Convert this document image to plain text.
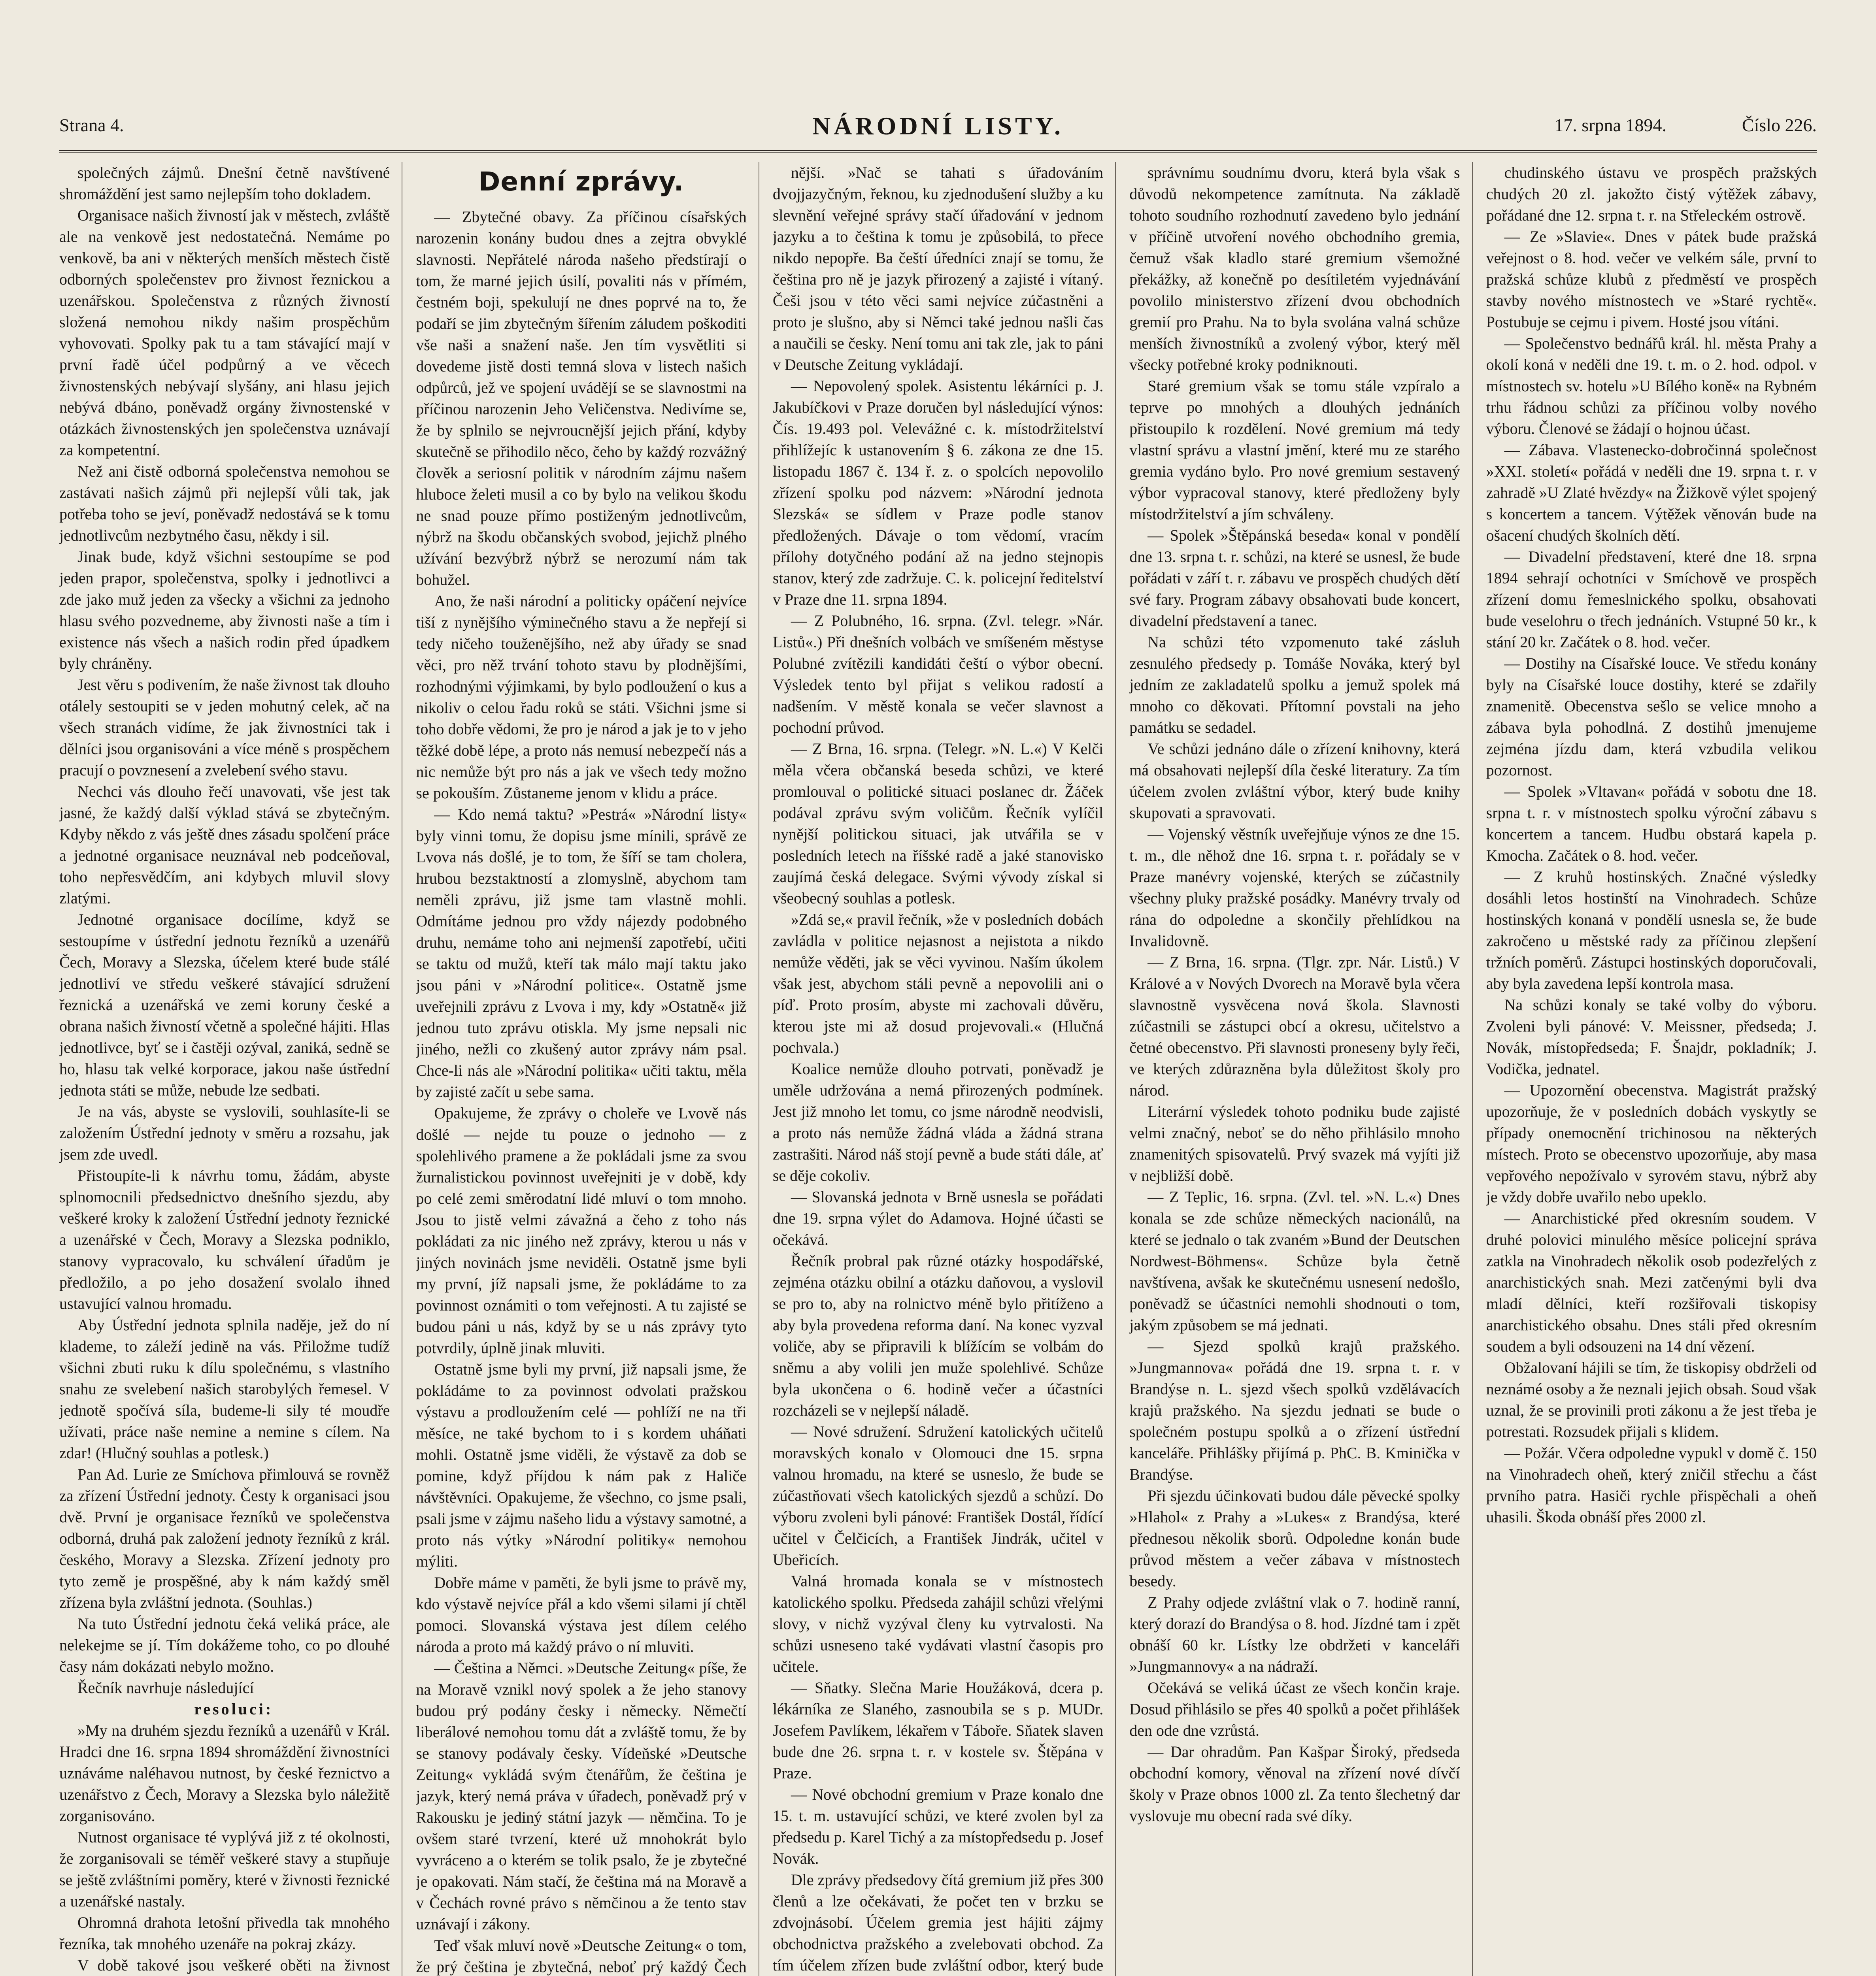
Strana 4.	NÁRODNÍ LISTY.	17. srpna 1894.	Číslo 226.

společných zájmů. Dnešní četně navštívené shromáždění jest samo nejlepším toho dokladem.

Organisace našich živností jak v městech, zvláště ale na venkově jest nedostatečná. Nemáme po venkově, ba ani v některých menších městech čistě odborných společenstev pro živnost řeznickou a uzenářskou. Společenstva z různých živností složená nemohou nikdy našim prospěchům vyhovovati. Spolky pak tu a tam stávající mají v první řadě účel podpůrný a ve věcech živnostenských nebývají slyšány, ani hlasu jejich nebývá dbáno, poněvadž orgány živnostenské v otázkách živnostenských jen společenstva uznávají za kompetentní.

Než ani čistě odborná společenstva nemohou se zastávati našich zájmů při nejlepší vůli tak, jak potřeba toho se jeví, poněvadž nedostává se k tomu jednotlivcům nezbytného času, někdy i sil.

Jinak bude, když všichni sestoupíme se pod jeden prapor, společenstva, spolky i jednotlivci a zde jako muž jeden za všecky a všichni za jednoho hlasu svého pozvedneme, aby živnosti naše a tím i existence nás všech a našich rodin před úpadkem byly chráněny.

Jest věru s podivením, že naše živnost tak dlouho otálely sestoupiti se v jeden mohutný celek, ač na všech stranách vidíme, že jak živnostníci tak i dělníci jsou organisováni a více méně s prospěchem pracují o povznesení a zvelebení svého stavu.

Nechci vás dlouho řečí unavovati, vše jest tak jasné, že každý další výklad stává se zbytečným. Kdyby někdo z vás ještě dnes zásadu spolčení práce a jednotné organisace neuznával neb podceňoval, toho nepřesvědčím, ani kdybych mluvil slovy zlatými.

Jednotné organisace docílíme, když se sestoupíme v ústřední jednotu řezníků a uzenářů Čech, Moravy a Slezska, účelem které bude stálé jednotliví ve středu veškeré stávající sdružení řeznická a uzenářská ve zemi koruny české a obrana našich živností včetně a společné hájiti. Hlas jednotlivce, byť se i častěji ozýval, zaniká, sedně se ho, hlasu tak velké korporace, jakou naše ústřední jednota státi se může, nebude lze sedbati.

Je na vás, abyste se vyslovili, souhlasíte-li se založením Ústřední jednoty v směru a rozsahu, jak jsem zde uvedl.

Přistoupíte-li k návrhu tomu, žádám, abyste splnomocnili předsednictvo dnešního sjezdu, aby veškeré kroky k založení Ústřední jednoty řeznické a uzenářské v Čech, Moravy a Slezska podniklo, stanovy vypracovalo, ku schválení úřadům je předložilo, a po jeho dosažení svolalo ihned ustavující valnou hromadu.

Aby Ústřední jednota splnila naděje, jež do ní klademe, to záleží jedině na vás. Přiložme tudíž všichni zbuti ruku k dílu společnému, s vlastního snahu ze svelebení našich starobylých řemesel. V jednotě spočívá síla, budeme-li sily té moudře užívati, práce naše nemine a nemine s cílem. Na zdar! (Hlučný souhlas a potlesk.)

Pan Ad. Lurie ze Smíchova přimlouvá se rovněž za zřízení Ústřední jednoty. Česty k organisaci jsou dvě. První je organisace řezníků ve společenstva odborná, druhá pak založení jednoty řezníků z král. českého, Moravy a Slezska. Zřízení jednoty pro tyto země je prospěšné, aby k nám každý směl zřízena byla zvláštní jednota. (Souhlas.)

Na tuto Ústřední jednotu čeká veliká práce, ale nelekejme se jí. Tím dokážeme toho, co po dlouhé časy nám dokázati nebylo možno.

Řečník navrhuje následující

resoluci:

»My na druhém sjezdu řezníků a uzenářů v Král. Hradci dne 16. srpna 1894 shromáždění živnostníci uznáváme naléhavou nutnost, by české řeznictvo a uzenářstvo z Čech, Moravy a Slezska bylo náležitě zorganisováno.

Nutnost organisace té vyplývá již z té okolnosti, že zorganisovali se téměř veškeré stavy a stupňuje se ještě zvláštními poměry, které v živnosti řeznické a uzenářské nastaly.

Ohromná drahota letošní přivedla tak mnohého řezníka, tak mnohého uzenáře na pokraj zkázy.

V době takové jsou veškeré oběti na živnost

Denní zprávy.

— Zbytečné obavy. Za příčinou císařských narozenin konány budou dnes a zejtra obvyklé slavnosti. Nepřátelé národa našeho předstírají o tom, že marné jejich úsilí, povaliti nás v přímém, čestném boji, spekulují ne dnes poprvé na to, že podaří se jim zbytečným šířením záludem poškoditi vše naši a snažení naše. Jen tím vysvětliti si dovedeme jistě dosti temná slova v listech našich odpůrců, jež ve spojení uvádějí se se slavnostmi na příčinou narozenin Jeho Veličenstva. Nedivíme se, že by splnilo se nejvroucnější jejich přání, kdyby skutečně se přihodilo něco, čeho by každý rozvážný člověk a seriosní politik v národním zájmu našem hluboce želeti musil a co by bylo na velikou škodu ne snad pouze přímo postiženým jednotlivcům, nýbrž na škodu občanských svobod, jejichž plného užívání bezvýbrž nýbrž se nerozumí nám tak bohužel.

Ano, že naši národní a politicky opáčení nejvíce tiší z nynějšího výminečného stavu a že nepřejí si tedy ničeho touženějšího, než aby úřady se snad věci, pro něž trvání tohoto stavu by plodnějšími, rozhodnými výjimkami, by bylo podloužení o kus a nikoliv o celou řadu roků se státi. Všichni jsme si toho dobře vědomi, že pro je národ a jak je to v jeho těžké době lépe, a proto nás nemusí nebezpečí nás a nic nemůže být pro nás a jak ve všech tedy možno se pokouším. Zůstaneme jenom v klidu a práce.

— Kdo nemá taktu? »Pestrá« »Národní listy« byly vinni tomu, že dopisu jsme mínili, správě ze Lvova nás došlé, je to tom, že šíří se tam cholera, hrubou bezstaktností a zlomyslně, abychom tam neměli zprávu, již jsme tam vlastně mohli. Odmítáme jednou pro vždy nájezdy podobného druhu, nemáme toho ani nejmenší zapotřebí, učiti se taktu od mužů, kteří tak málo mají taktu jako jsou páni v »Národní politice«. Ostatně jsme uveřejnili zprávu z Lvova i my, kdy »Ostatně« již jednou tuto zprávu otiskla. My jsme nepsali nic jiného, nežli co zkušený autor zprávy nám psal. Chce-li nás ale »Národní politika« učiti taktu, měla by zajisté začít u sebe sama.

Opakujeme, že zprávy o choleře ve Lvově nás došlé — nejde tu pouze o jednoho — z spolehlivého pramene a že pokládali jsme za svou žurnalistickou povinnost uveřejniti je v době, kdy po celé zemi směrodatní lidé mluví o tom mnoho. Jsou to jistě velmi závažná a čeho z toho nás pokládati za nic jiného než zprávy, kterou u nás v jiných novinách jsme neviděli. Ostatně jsme byli my první, jíž napsali jsme, že pokládáme to za povinnost oznámiti o tom veřejnosti. A tu zajisté se budou páni u nás, když by se u nás zprávy tyto potvrdily, úplně jinak mluviti.

Ostatně jsme byli my první, již napsali jsme, že pokládáme to za povinnost odvolati pražskou výstavu a prodloužením celé — pohlíží ne na tři měsíce, ne také bychom to i s kordem uháňati mohli. Ostatně jsme viděli, že výstavě za dob se pomine, když příjdou k nám pak z Haliče návštěvníci. Opakujeme, že všechno, co jsme psali, psali jsme v zájmu našeho lidu a výstavy samotné, a proto nás výtky »Národní politiky« nemohou mýliti.

Dobře máme v paměti, že byli jsme to právě my, kdo výstavě nejvíce přál a kdo všemi silami jí chtěl pomoci. Slovanská výstava jest dílem celého národa a proto má každý právo o ní mluviti.

— Čeština a Němci. »Deutsche Zeitung« píše, že na Moravě vznikl nový spolek a že jeho stanovy budou prý podány česky i německy. Němečtí liberálové nemohou tomu dát a zvláště tomu, že by se stanovy podávaly česky. Vídeňské »Deutsche Zeitung« vykládá svým čtenářům, že čeština je jazyk, který nemá práva v úřadech, poněvadž prý v Rakousku je jediný státní jazyk — němčina. To je ovšem staré tvrzení, které už mnohokrát bylo vyvráceno a o kterém se tolik psalo, že je zbytečné je opakovati. Nám stačí, že čeština má na Moravě a v Čechách rovné právo s němčinou a že tento stav uznávají i zákony.

Teď však mluví nově »Deutsche Zeitung« o tom, že prý čeština je zbytečná, neboť prý každý Čech

nější. »Nač se tahati s úřadováním dvojjazyčným, řeknou, ku zjednodušení služby a ku slevnění veřejné správy stačí úřadování v jednom jazyku a to čeština k tomu je způsobilá, to přece nikdo nepopře. Ba čeští úředníci znají se tomu, že čeština pro ně je jazyk přirozený a zajisté i vítaný. Češi jsou v této věci sami nejvíce zúčastněni a proto je slušno, aby si Němci také jednou našli čas a naučili se česky. Není tomu ani tak zle, jak to páni v Deutsche Zeitung vykládají.

— Nepovolený spolek. Asistentu lékárníci p. J. Jakubíčkovi v Praze doručen byl následující výnos: Čís. 19.493 pol. Velevážné c. k. místodržitelství přihlížejíc k ustanovením § 6. zákona ze dne 15. listopadu 1867 č. 134 ř. z. o spolcích nepovolilo zřízení spolku pod názvem: »Národní jednota Slezská« se sídlem v Praze podle stanov předložených. Dávaje o tom vědomí, vracím přílohy dotyčného podání až na jedno stejnopis stanov, který zde zadržuje. C. k. policejní ředitelství v Praze dne 11. srpna 1894.

— Z Polubného, 16. srpna. (Zvl. telegr. »Nár. Listů«.) Při dnešních volbách ve smíšeném městyse Polubné zvítězili kandidáti čeští o výbor obecní. Výsledek tento byl přijat s velikou radostí a nadšením. V městě konala se večer slavnost a pochodní průvod.

— Z Brna, 16. srpna. (Telegr. »N. L.«) V Kelči měla včera občanská beseda schůzi, ve které promlouval o politické situaci poslanec dr. Žáček podával zprávu svým voličům. Řečník vylíčil nynější politickou situaci, jak utvářila se v posledních letech na říšské radě a jaké stanovisko zaujímá česká delegace. Svými vývody získal si všeobecný souhlas a potlesk.

»Zdá se,« pravil řečník, »že v posledních dobách zavládla v politice nejasnost a nejistota a nikdo nemůže věděti, jak se věci vyvinou. Naším úkolem však jest, abychom stáli pevně a nepovolili ani o píď. Proto prosím, abyste mi zachovali důvěru, kterou jste mi až dosud projevovali.« (Hlučná pochvala.)

Koalice nemůže dlouho potrvati, poněvadž je uměle udržována a nemá přirozených podmínek. Jest již mnoho let tomu, co jsme národně neodvisli, a proto nás nemůže žádná vláda a žádná strana zastrašiti. Národ náš stojí pevně a bude státi dále, ať se děje cokoliv.

— Slovanská jednota v Brně usnesla se pořádati dne 19. srpna výlet do Adamova. Hojné účasti se očekává.

Řečník probral pak různé otázky hospodářské, zejména otázku obilní a otázku daňovou, a vyslovil se pro to, aby na rolnictvo méně bylo přitíženo a aby byla provedena reforma daní. Na konec vyzval voliče, aby se připravili k blížícím se volbám do sněmu a aby volili jen muže spolehlivé. Schůze byla ukončena o 6. hodině večer a účastníci rozcházeli se v nejlepší náladě.

— Nové sdružení. Sdružení katolických učitelů moravských konalo v Olomouci dne 15. srpna valnou hromadu, na které se usneslo, že bude se zúčastňovati všech katolických sjezdů a schůzí. Do výboru zvoleni byli pánové: František Dostál, řídící učitel v Čelčicích, a František Jindrák, učitel v Ubeřicích.

Valná hromada konala se v místnostech katolického spolku. Předseda zahájil schůzi vřelými slovy, v nichž vyzýval členy ku vytrvalosti. Na schůzi usneseno také vydávati vlastní časopis pro učitele.

— Sňatky. Slečna Marie Houžáková, dcera p. lékárníka ze Slaného, zasnoubila se s p. MUDr. Josefem Pavlíkem, lékařem v Táboře. Sňatek slaven bude dne 26. srpna t. r. v kostele sv. Štěpána v Praze.

— Nové obchodní gremium v Praze konalo dne 15. t. m. ustavující schůzi, ve které zvolen byl za předsedu p. Karel Tichý a za místopředsedu p. Josef Novák.

Dle zprávy předsedovy čítá gremium již přes 300 členů a lze očekávati, že počet ten v brzku se zdvojnásobí. Účelem gremia jest hájiti zájmy obchodnictva pražského a zvelebovati obchod. Za tím účelem zřízen bude zvláštní odbor, který bude

správnímu soudnímu dvoru, která byla však s důvodů nekompetence zamítnuta. Na základě tohoto soudního rozhodnutí zavedeno bylo jednání v příčině utvoření nového obchodního gremia, čemuž však kladlo staré gremium všemožné překážky, až konečně po desítiletém vyjednávání povolilo ministerstvo zřízení dvou obchodních gremií pro Prahu. Na to byla svolána valná schůze menších živnostníků a zvolený výbor, který měl všecky potřebné kroky podniknouti.

Staré gremium však se tomu stále vzpíralo a teprve po mnohých a dlouhých jednáních přistoupilo k rozdělení. Nové gremium má tedy vlastní správu a vlastní jmění, které mu ze starého gremia vydáno bylo. Pro nové gremium sestavený výbor vypracoval stanovy, které předloženy byly místodržitelství a jím schváleny.

— Spolek »Štěpánská beseda« konal v pondělí dne 13. srpna t. r. schůzi, na které se usnesl, že bude pořádati v září t. r. zábavu ve prospěch chudých dětí své fary. Program zábavy obsahovati bude koncert, divadelní představení a tanec.

Na schůzi této vzpomenuto také zásluh zesnulého předsedy p. Tomáše Nováka, který byl jedním ze zakladatelů spolku a jemuž spolek má mnoho co děkovati. Přítomní povstali na jeho památku se sedadel.

Ve schůzi jednáno dále o zřízení knihovny, která má obsahovati nejlepší díla české literatury. Za tím účelem zvolen zvláštní výbor, který bude knihy skupovati a spravovati.

— Vojenský věstník uveřejňuje výnos ze dne 15. t. m., dle něhož dne 16. srpna t. r. pořádaly se v Praze manévry vojenské, kterých se zúčastnily všechny pluky pražské posádky. Manévry trvaly od rána do odpoledne a skončily přehlídkou na Invalidovně.

— Z Brna, 16. srpna. (Tlgr. zpr. Nár. Listů.) V Králové a v Nových Dvorech na Moravě byla včera slavnostně vysvěcena nová škola. Slavnosti zúčastnili se zástupci obcí a okresu, učitelstvo a četné obecenstvo. Při slavnosti proneseny byly řeči, ve kterých zdůrazněna byla důležitost školy pro národ.

Literární výsledek tohoto podniku bude zajisté velmi značný, neboť se do něho přihlásilo mnoho znamenitých spisovatelů. Prvý svazek má vyjíti již v nejbližší době.

— Z Teplic, 16. srpna. (Zvl. tel. »N. L.«) Dnes konala se zde schůze německých nacionálů, na které se jednalo o tak zvaném »Bund der Deutschen Nordwest-Böhmens«. Schůze byla četně navštívena, avšak ke skutečnému usnesení nedošlo, poněvadž se účastníci nemohli shodnouti o tom, jakým způsobem se má jednati.

— Sjezd spolků krajů pražského. »Jungmannova« pořádá dne 19. srpna t. r. v Brandýse n. L. sjezd všech spolků vzdělávacích krajů pražského. Na sjezdu jednati se bude o společném postupu spolků a o zřízení ústřední kanceláře. Přihlášky přijímá p. PhC. B. Kminička v Brandýse.

Při sjezdu účinkovati budou dále pěvecké spolky »Hlahol« z Prahy a »Lukes« z Brandýsa, které přednesou několik sborů. Odpoledne konán bude průvod městem a večer zábava v místnostech besedy.

Z Prahy odjede zvláštní vlak o 7. hodině ranní, který dorazí do Brandýsa o 8. hod. Jízdné tam i zpět obnáší 60 kr. Lístky lze obdržeti v kanceláři »Jungmannovy« a na nádraží.

Očekává se veliká účast ze všech končin kraje. Dosud přihlásilo se přes 40 spolků a počet přihlášek den ode dne vzrůstá.

— Dar ohradům. Pan Kašpar Široký, předseda obchodní komory, věnoval na zřízení nové dívčí školy v Praze obnos 1000 zl. Za tento šlechetný dar vyslovuje mu obecní rada své díky.

chudinského ústavu ve prospěch pražských chudých 20 zl. jakožto čistý výtěžek zábavy, pořádané dne 12. srpna t. r. na Střeleckém ostrově.

— Ze »Slavie«. Dnes v pátek bude pražská veřejnost o 8. hod. večer ve velkém sále, první to pražská schůze klubů z předměstí ve prospěch stavby nového místnostech ve »Staré rychtě«. Postubuje se cejmu i pivem. Hosté jsou vítáni.

— Společenstvo bednářů král. hl. města Prahy a okolí koná v neděli dne 19. t. m. o 2. hod. odpol. v místnostech sv. hotelu »U Bílého koně« na Rybném trhu řádnou schůzi za příčinou volby nového výboru. Členové se žádají o hojnou účast.

— Zábava. Vlastenecko-dobročinná společnost »XXI. století« pořádá v neděli dne 19. srpna t. r. v zahradě »U Zlaté hvězdy« na Žižkově výlet spojený s koncertem a tancem. Výtěžek věnován bude na ošacení chudých školních dětí.

— Divadelní představení, které dne 18. srpna 1894 sehrají ochotníci v Smíchově ve prospěch zřízení domu řemeslnického spolku, obsahovati bude veselohru o třech jednáních. Vstupné 50 kr., k stání 20 kr. Začátek o 8. hod. večer.

— Dostihy na Císařské louce. Ve středu konány byly na Císařské louce dostihy, které se zdařily znamenitě. Obecenstva sešlo se velice mnoho a zábava byla pohodlná. Z dostihů jmenujeme zejména jízdu dam, která vzbudila velikou pozornost.

— Spolek »Vltavan« pořádá v sobotu dne 18. srpna t. r. v místnostech spolku výroční zábavu s koncertem a tancem. Hudbu obstará kapela p. Kmocha. Začátek o 8. hod. večer.

— Z kruhů hostinských. Značné výsledky dosáhli letos hostinští na Vinohradech. Schůze hostinských konaná v pondělí usnesla se, že bude zakročeno u městské rady za příčinou zlepšení tržních poměrů. Zástupci hostinských doporučovali, aby byla zavedena lepší kontrola masa.

Na schůzi konaly se také volby do výboru. Zvoleni byli pánové: V. Meissner, předseda; J. Novák, místopředseda; F. Šnajdr, pokladník; J. Vodička, jednatel.

— Upozornění obecenstva. Magistrát pražský upozorňuje, že v posledních dobách vyskytly se případy onemocnění trichinosou na některých místech. Proto se obecenstvo upozorňuje, aby masa vepřového nepožívalo v syrovém stavu, nýbrž aby je vždy dobře uvařilo nebo upeklo.

— Anarchistické před okresním soudem. V druhé polovici minulého měsíce policejní správa zatkla na Vinohradech několik osob podezřelých z anarchistických snah. Mezi zatčenými byli dva mladí dělníci, kteří rozšiřovali tiskopisy anarchistického obsahu. Dnes stáli před okresním soudem a byli odsouzeni na 14 dní vězení.

Obžalovaní hájili se tím, že tiskopisy obdrželi od neznámé osoby a že neznali jejich obsah. Soud však uznal, že se provinili proti zákonu a že jest třeba je potrestati. Rozsudek přijali s klidem.

— Požár. Včera odpoledne vypukl v domě č. 150 na Vinohradech oheň, který zničil střechu a část prvního patra. Hasiči rychle přispěchali a oheň uhasili. Škoda obnáší přes 2000 zl.
